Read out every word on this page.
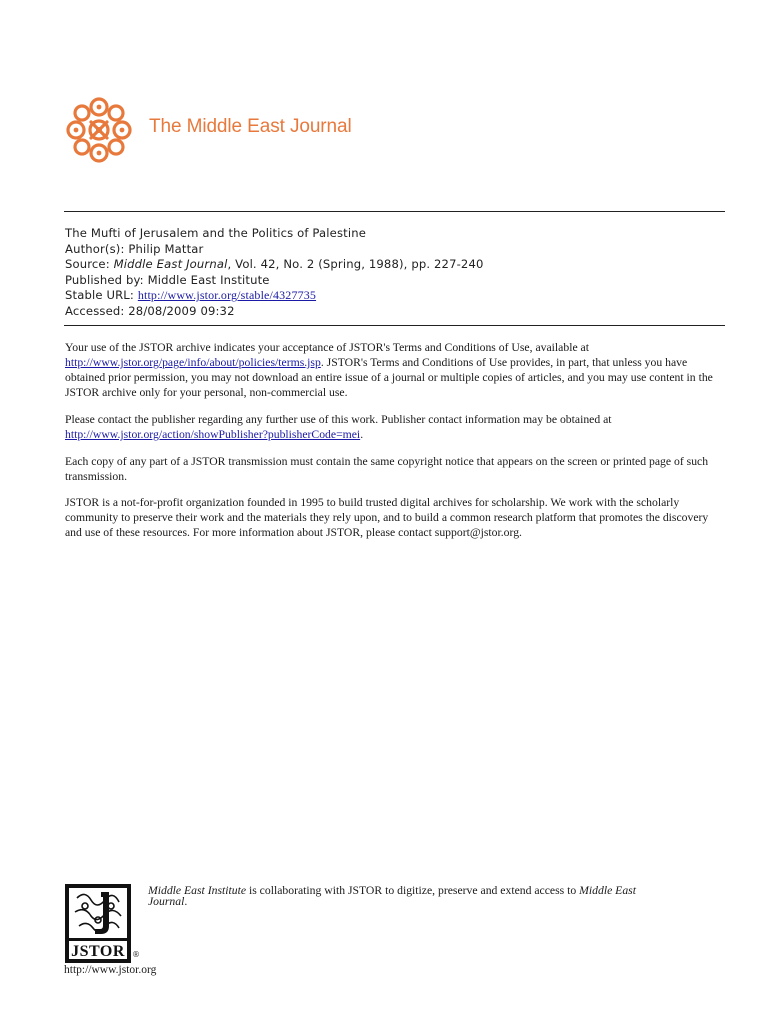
The Middle East Journal
The Mufti of Jerusalem and the Politics of Palestine
Author(s): Philip Mattar
Source: Middle East Journal, Vol. 42, No. 2 (Spring, 1988), pp. 227-240
Published by: Middle East Institute
Stable URL: http://www.jstor.org/stable/4327735
Accessed: 28/08/2009 09:32

Your use of the JSTOR archive indicates your acceptance of JSTOR's Terms and Conditions of Use, available at
http://www.jstor.org/page/info/about/policies/terms.jsp. JSTOR's Terms and Conditions of Use provides, in part, that unless you have obtained prior permission, you may not download an entire issue of a journal or multiple copies of articles, and you may use content in the JSTOR archive only for your personal, non-commercial use.

Please contact the publisher regarding any further use of this work. Publisher contact information may be obtained at
http://www.jstor.org/action/showPublisher?publisherCode=mei.

Each copy of any part of a JSTOR transmission must contain the same copyright notice that appears on the screen or printed page of such transmission.

JSTOR is a not-for-profit organization founded in 1995 to build trusted digital archives for scholarship. We work with the scholarly community to preserve their work and the materials they rely upon, and to build a common research platform that promotes the discovery and use of these resources. For more information about JSTOR, please contact support@jstor.org.

JSTOR ®
Middle East Institute is collaborating with JSTOR to digitize, preserve and extend access to Middle East
Journal.
http://www.jstor.org
